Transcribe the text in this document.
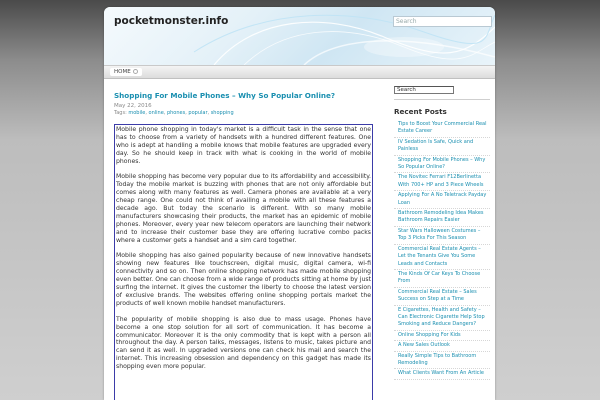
pocketmonster.info	Search
HOME
Shopping For Mobile Phones – Why So Popular Online?
May 22, 2016
Tags: mobile, online, phones, popular, shopping

Mobile phone shopping in today's market is a difficult task in the sense that one has to choose from a variety of handsets with a hundred different features. One who is adept at handling a mobile knows that mobile features are upgraded every day. So he should keep in track with what is cooking in the world of mobile phones.

Mobile shopping has become very popular due to its affordability and accessibility. Today the mobile market is buzzing with phones that are not only affordable but comes along with many features as well. Camera phones are available at a very cheap range. One could not think of availing a mobile with all these features a decade ago. But today the scenario is different. With so many mobile manufacturers showcasing their products, the market has an epidemic of mobile phones. Moreover, every year new telecom operators are launching their network and to increase their customer base they are offering lucrative combo packs where a customer gets a handset and a sim card together.

Mobile shopping has also gained popularity because of new innovative handsets showing new features like touchscreen, digital music, digital camera, wi-fi connectivity and so on. Then online shopping network has made mobile shopping even better. One can choose from a wide range of products sitting at home by just surfing the internet. It gives the customer the liberty to choose the latest version of exclusive brands. The websites offering online shopping portals market the products of well known mobile handset manufacturers.

The popularity of mobile shopping is also due to mass usage. Phones have become a one stop solution for all sort of communication. It has become a communicator. Moreover it is the only commodity that is kept with a person all throughout the day. A person talks, messages, listens to music, takes picture and can send it as well. In upgraded versions one can check his mail and search the internet. This increasing obsession and dependency on this gadget has made its shopping even more popular.

Search
Recent Posts
Tips to Boost Your Commercial Real Estate Career
IV Sedation Is Safe, Quick and Painless
Shopping For Mobile Phones – Why So Popular Online?
The Novitec Ferrari F12Berlinetta With 700+ HP and 3 Piece Wheels
Applying For A No Teletrack Payday Loan
Bathroom Remodeling Idea Makes Bathroom Repairs Easier
Star Wars Halloween Costumes – Top 3 Picks For This Season
Commercial Real Estate Agents – Let the Tenants Give You Some Leads and Contacts
The Kinds Of Car Keys To Choose From
Commercial Real Estate – Sales Success on Step at a Time
E Cigarettes, Health and Safety – Can Electronic Cigarette Help Stop Smoking and Reduce Dangers?
Online Shopping For Kids
A New Sales Outlook
Really Simple Tips to Bathroom Remodeling
What Clients Want From An Article
